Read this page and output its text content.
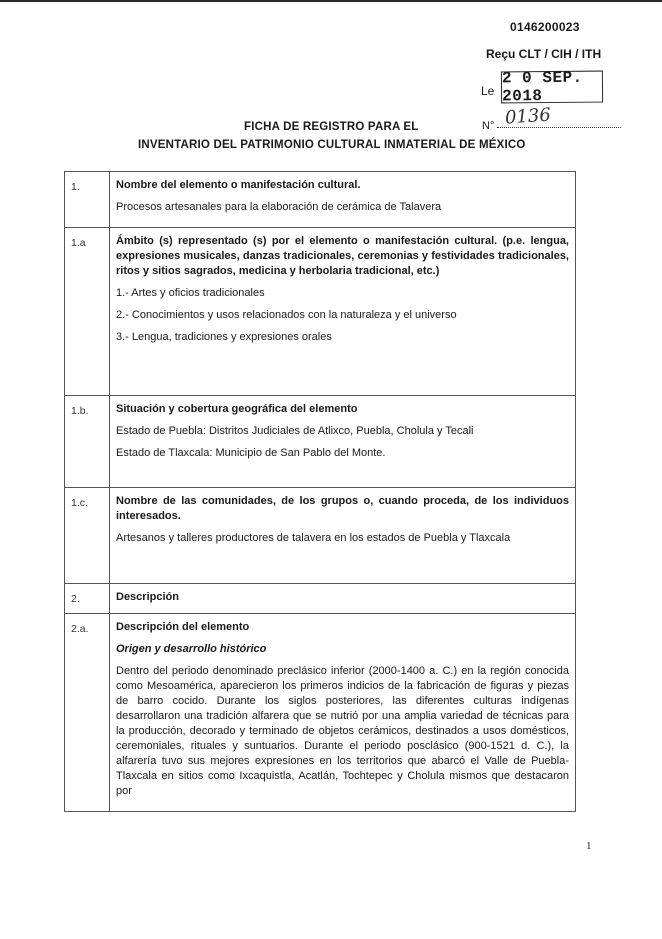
0146200023
Reçu CLT / CIH / ITH
Le
2 0 SEP. 2018
N° 0136
FICHA DE REGISTRO PARA EL
INVENTARIO DEL PATRIMONIO CULTURAL INMATERIAL DE MÉXICO
1.	Nombre del elemento o manifestación cultural.
Procesos artesanales para la elaboración de cerámica de Talavera

1.a	Ámbito (s) representado (s) por el elemento o manifestación cultural. (p.e. lengua, expresiones musicales, danzas tradicionales, ceremonias y festividades tradicionales, ritos y sitios sagrados, medicina y herbolaria tradicional, etc.)
1.- Artes y oficios tradicionales
2.- Conocimientos y usos relacionados con la naturaleza y el universo
3.- Lengua, tradiciones y expresiones orales

1.b.	Situación y cobertura geográfica del elemento
Estado de Puebla: Distritos Judiciales de Atlixco, Puebla, Cholula y Tecali
Estado de Tlaxcala: Municipio de San Pablo del Monte.

1.c.	Nombre de las comunidades, de los grupos o, cuando proceda, de los individuos interesados.
Artesanos y talleres productores de talavera en los estados de Puebla y Tlaxcala

2.	Descripción

2.a.	Descripción del elemento
Origen y desarrollo histórico
Dentro del periodo denominado preclásico inferior (2000-1400 a. C.) en la región conocida como Mesoamérica, aparecieron los primeros indicios de la fabricación de figuras y piezas de barro cocido. Durante los siglos posteriores, las diferentes culturas indígenas desarrollaron una tradición alfarera que se nutrió por una amplia variedad de técnicas para la producción, decorado y terminado de objetos cerámicos, destinados a usos domésticos, ceremoniales, rituales y suntuarios. Durante el periodo posclásico (900-1521 d. C.), la alfarería tuvo sus mejores expresiones en los territorios que abarcó el Valle de Puebla-Tlaxcala en sitios como Ixcaquistla, Acatlán, Tochtepec y Cholula mismos que destacaron por
1
